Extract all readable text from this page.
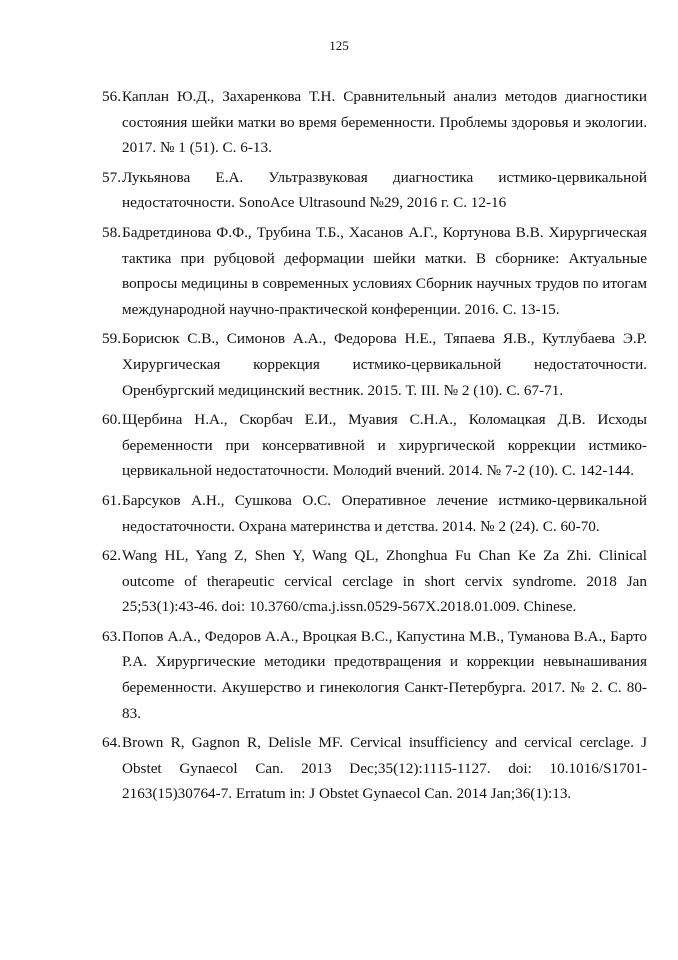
125
56. Каплан Ю.Д., Захаренкова Т.Н. Сравнительный анализ методов диагностики состояния шейки матки во время беременности. Проблемы здоровья и экологии. 2017. № 1 (51). С. 6-13.
57. Лукьянова Е.А. Ультразвуковая диагностика истмико-цервикальной недостаточности. SonoAce Ultrasound №29, 2016 г. С. 12-16
58. Бадретдинова Ф.Ф., Трубина Т.Б., Хасанов А.Г., Кортунова В.В. Хирургическая тактика при рубцовой деформации шейки матки. В сборнике: Актуальные вопросы медицины в современных условиях Сборник научных трудов по итогам международной научно-практической конференции. 2016. С. 13-15.
59. Борисюк С.В., Симонов А.А., Федорова Н.Е., Тяпаева Я.В., Кутлубаева Э.Р. Хирургическая коррекция истмико-цервикальной недостаточности. Оренбургский медицинский вестник. 2015. Т. III. № 2 (10). С. 67-71.
60. Щербина Н.А., Скорбач Е.И., Муавия С.Н.А., Коломацкая Д.В. Исходы беременности при консервативной и хирургической коррекции истмико-цервикальной недостаточности. Молодий вчений. 2014. № 7-2 (10). С. 142-144.
61. Барсуков А.Н., Сушкова О.С. Оперативное лечение истмико-цервикальной недостаточности. Охрана материнства и детства. 2014. № 2 (24). С. 60-70.
62. Wang HL, Yang Z, Shen Y, Wang QL, Zhonghua Fu Chan Ke Za Zhi. Clinical outcome of therapeutic cervical cerclage in short cervix syndrome. 2018 Jan 25;53(1):43-46. doi: 10.3760/cma.j.issn.0529-567X.2018.01.009. Chinese.
63. Попов А.А., Федоров А.А., Вроцкая В.С., Капустина М.В., Туманова В.А., Барто Р.А. Хирургические методики предотвращения и коррекции невынашивания беременности. Акушерство и гинекология Санкт-Петербурга. 2017. № 2. С. 80-83.
64. Brown R, Gagnon R, Delisle MF. Cervical insufficiency and cervical cerclage. J Obstet Gynaecol Can. 2013 Dec;35(12):1115-1127. doi: 10.1016/S1701-2163(15)30764-7. Erratum in: J Obstet Gynaecol Can. 2014 Jan;36(1):13.
